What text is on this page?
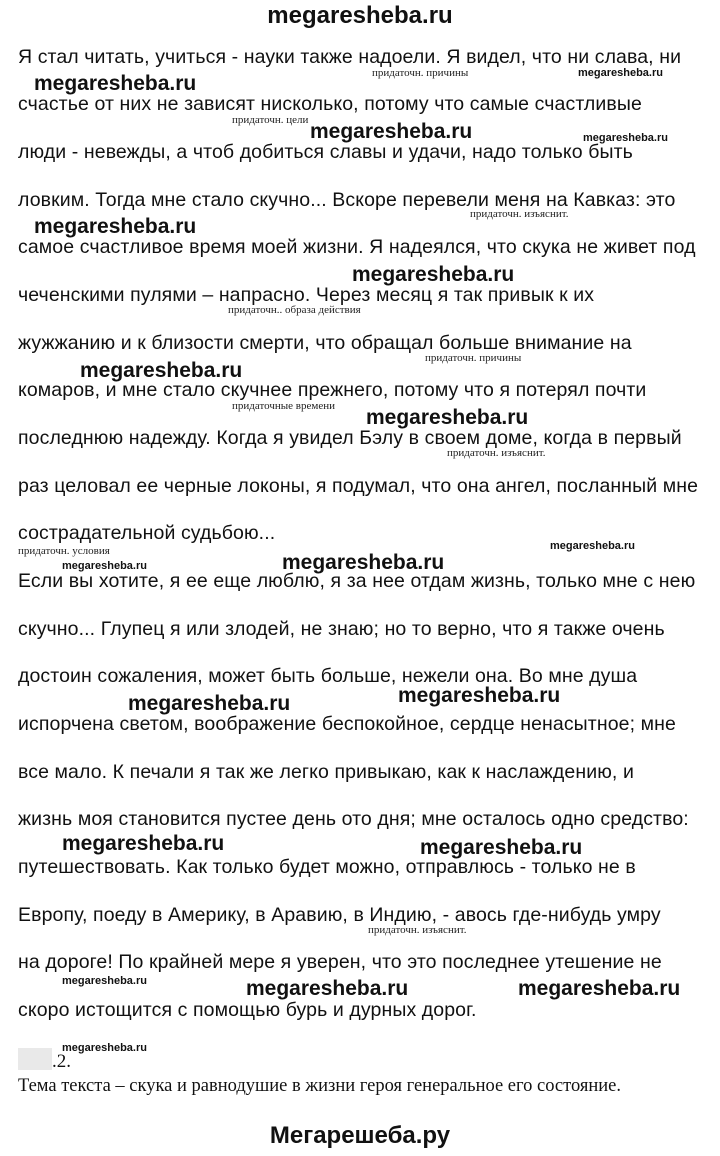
megaresheba.ru
Я стал читать, учиться - науки также надоели. Я видел, что ни слава, ни
счастье от них не зависят нисколько, потому что самые счастливые
люди - невежды, а чтоб добиться славы и удачи, надо только быть
ловким. Тогда мне стало скучно... Вскоре перевели меня на Кавказ: это
самое счастливое время моей жизни. Я надеялся, что скука не живет под
чеченскими пулями – напрасно. Через месяц я так привык к их
жужжанию и к близости смерти, что обращал больше внимание на
комаров, и мне стало скучнее прежнего, потому что я потерял почти
последнюю надежду. Когда я увидел Бэлу в своем доме, когда в первый
раз целовал ее черные локоны, я подумал, что она ангел, посланный мне
сострадательной судьбою...
Если вы хотите, я ее еще люблю, я за нее отдам жизнь, только мне с нею
скучно... Глупец я или злодей, не знаю; но то верно, что я также очень
достоин сожаления, может быть больше, нежели она. Во мне душа
испорчена светом, воображение беспокойное, сердце ненасытное; мне
все мало. К печали я так же легко привыкаю, как к наслаждению, и
жизнь моя становится пустее день ото дня; мне осталось одно средство:
путешествовать. Как только будет можно, отправлюсь - только не в
Европу, поеду в Америку, в Аравию, в Индию, - авось где-нибудь умру
на дороге! По крайней мере я уверен, что это последнее утешение не
скоро истощится с помощью бурь и дурных дорог.
придаточн. причины
придаточн. цели
придаточн. изъяснит.
придаточн.. образа действия
придаточн. причины
придаточные времени
придаточн. изъяснит.
придаточн. условия
придаточн. изъяснит.
megaresheba.ru	megaresheba.ru
megaresheba.ru	megaresheba.ru
megaresheba.ru
megaresheba.ru
megaresheba.ru
megaresheba.ru
megaresheba.ru
megaresheba.ru
megaresheba.ru
megaresheba.ru	megaresheba.ru
megaresheba.ru	megaresheba.ru
megaresheba.ru	megaresheba.ru	megaresheba.ru
megaresheba.ru
.2.
Тема текста – скука и равнодушие в жизни героя генеральное его состояние.
Мегарешеба.ру
